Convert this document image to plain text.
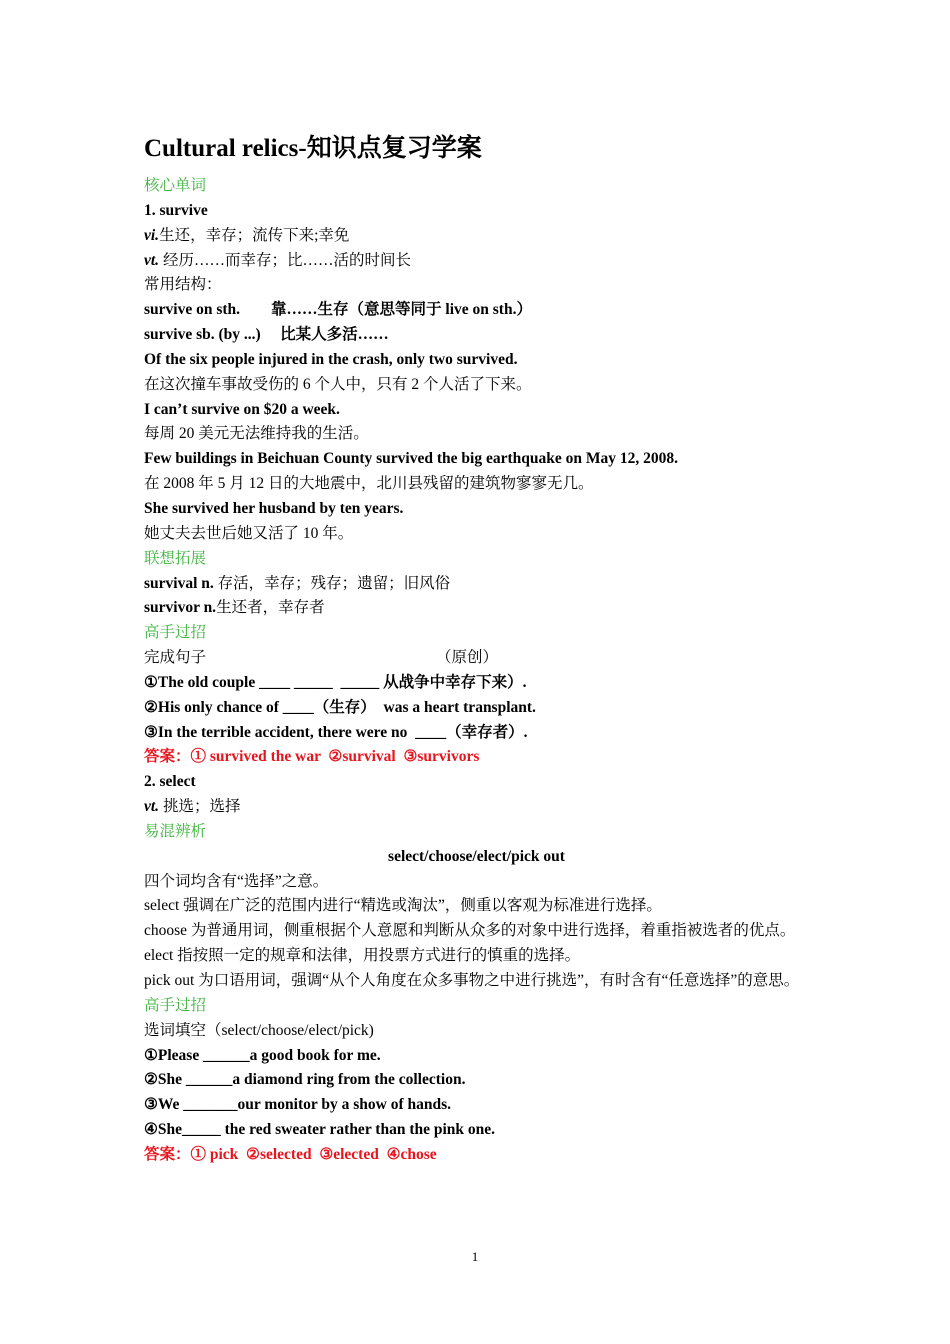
Cultural relics-知识点复习学案
核心单词
1. survive
vi.生还，幸存；流传下来;幸免
vt. 经历……而幸存；比……活的时间长
常用结构：
survive on sth.        靠……生存（意思等同于 live on sth.）
survive sb. (by ...)     比某人多活……
Of the six people injured in the crash, only two survived.
在这次撞车事故受伤的 6 个人中，只有 2 个人活了下来。
I can’t survive on $20 a week.
每周 20 美元无法维持我的生活。
Few buildings in Beichuan County survived the big earthquake on May 12, 2008.
在 2008 年 5 月 12 日的大地震中，北川县残留的建筑物寥寥无几。
She survived her husband by ten years.
她丈夫去世后她又活了 10 年。
联想拓展
survival n. 存活，幸存；残存；遗留；旧风俗
survivor n.生还者，幸存者
高手过招
完成句子	（原创）
①The old couple ____ _____  _____ 从战争中幸存下来）.
②His only chance of ____（生存）  was a heart transplant.
③In the terrible accident, there were no  ____（幸存者）.
答案：① survived the war  ②survival  ③survivors
2. select
vt. 挑选；选择
易混辨析
select/choose/elect/pick out
四个词均含有“选择”之意。
select 强调在广泛的范围内进行“精选或淘汰”，侧重以客观为标准进行选择。
choose 为普通用词，侧重根据个人意愿和判断从众多的对象中进行选择，着重指被选者的优点。
elect 指按照一定的规章和法律，用投票方式进行的慎重的选择。
pick out 为口语用词，强调“从个人角度在众多事物之中进行挑选”，有时含有“任意选择”的意思。
高手过招
选词填空（select/choose/elect/pick)
①Please ______a good book for me.
②She ______a diamond ring from the collection.
③We _______our monitor by a show of hands.
④She_____ the red sweater rather than the pink one.
答案：① pick  ②selected  ③elected  ④chose
1
